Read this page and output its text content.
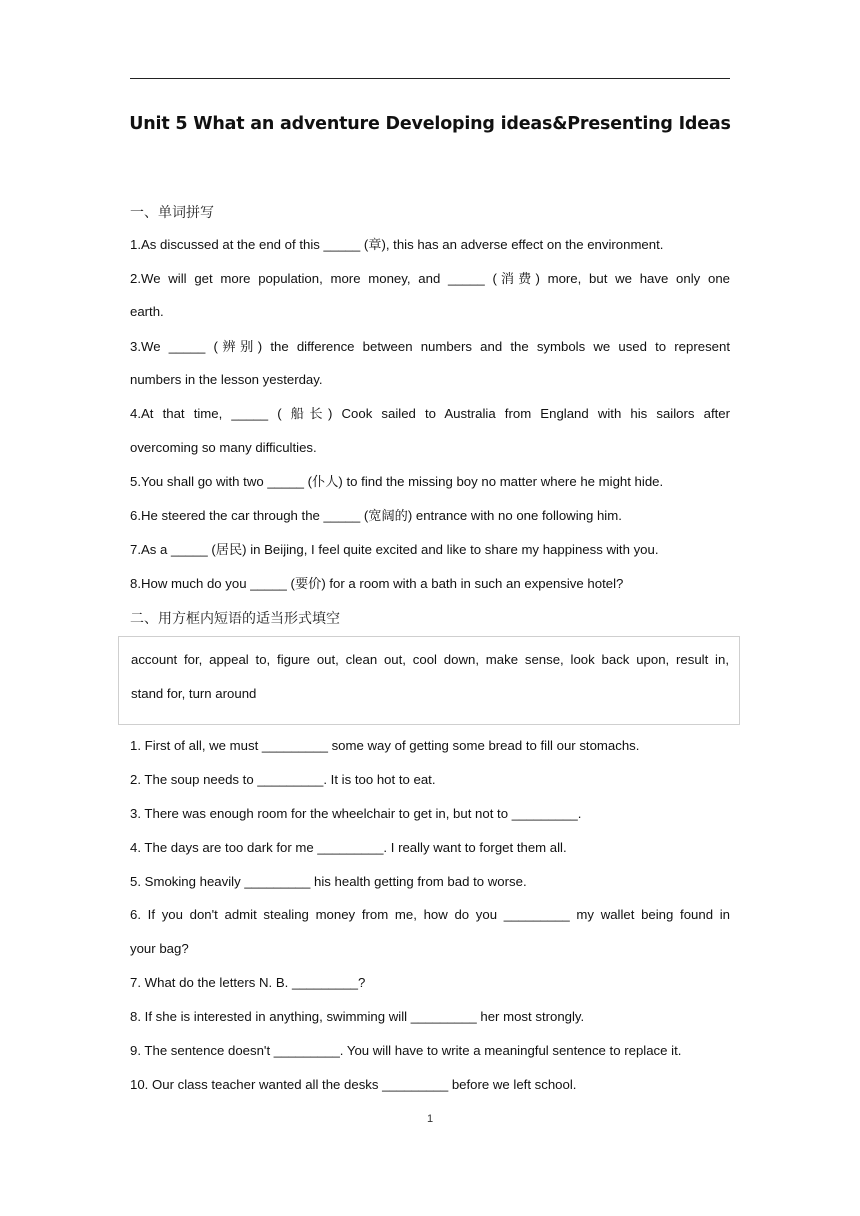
Unit 5 What an adventure Developing ideas&Presenting Ideas
一、单词拼写
1.As discussed at the end of this _____ (章), this has an adverse effect on the environment.
2.We will get more population, more money, and _____ (消费) more, but we have only one
earth.
3.We _____ (辨别) the difference between numbers and the symbols we used to represent
numbers in the lesson yesterday.
4.At that time, _____ ( 船长) Cook sailed to Australia from England with his sailors after
overcoming so many difficulties.
5.You shall go with two _____ (仆人) to find the missing boy no matter where he might hide.
6.He steered the car through the _____ (宽阔的) entrance with no one following him.
7.As a _____ (居民) in Beijing, I feel quite excited and like to share my happiness with you.
8.How much do you _____ (要价) for a room with a bath in such an expensive hotel?
二、用方框内短语的适当形式填空
account for, appeal to, figure out, clean out, cool down, make sense, look back upon, result in,
stand for, turn around
1. First of all, we must _________ some way of getting some bread to fill our stomachs.
2. The soup needs to _________. It is too hot to eat.
3. There was enough room for the wheelchair to get in, but not to _________.
4. The days are too dark for me _________. I really want to forget them all.
5. Smoking heavily _________ his health getting from bad to worse.
6. If you don't admit stealing money from me, how do you _________ my wallet being found in
your bag?
7. What do the letters N. B. _________?
8. If she is interested in anything, swimming will _________ her most strongly.
9. The sentence doesn't _________. You will have to write a meaningful sentence to replace it.
10. Our class teacher wanted all the desks _________ before we left school.
1
